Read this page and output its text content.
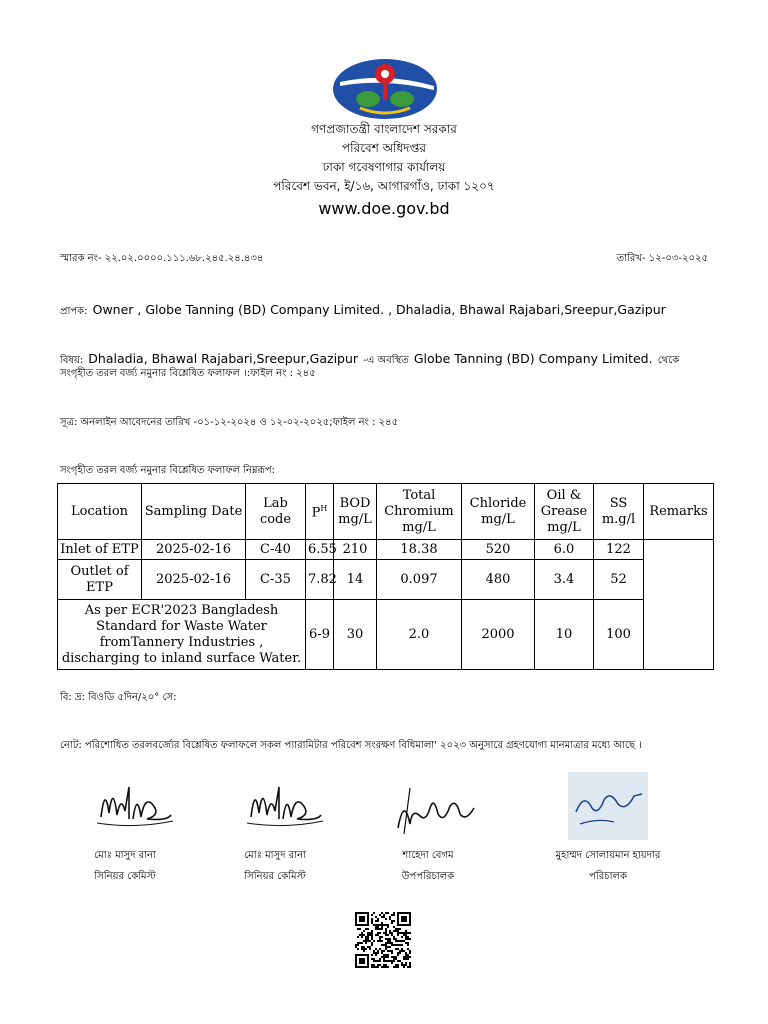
গণপ্রজাতন্ত্রী বাংলাদেশ সরকার
পরিবেশ অধিদপ্তর
ঢাকা গবেষণাগার কার্যালয়
পরিবেশ ভবন, ই/১৬, আগারগাঁও, ঢাকা ১২০৭
www.doe.gov.bd
স্মারক নং- ২২.০২.০০০০.১১১.৬৮.২৪৫.২৪.৪৩৪	তারিখ- ১২-০৩-২০২৫
প্রাপক: Owner , Globe Tanning (BD) Company Limited. , Dhaladia, Bhawal Rajabari,Sreepur,Gazipur
বিষয়: Dhaladia, Bhawal Rajabari,Sreepur,Gazipur -এ অবস্থিত Globe Tanning (BD) Company Limited. থেকে
সংগৃহীত তরল বর্জ্য নমুনার বিশ্লেষিত ফলাফল ।:ফাইল নং : ২৪৫
সূত্র: অনলাইন আবেদনের তারিখ -০১-১২-২০২৪ ও ১২-০২-২০২৫;ফাইল নং : ২৪৫
সংগৃহীত তরল বর্জ্য নমুনার বিশ্লেষিত ফলাফল নিম্নরূপ:
Location	Sampling Date	Lab code	$P^H$	BOD mg/L	Total Chromium mg/L	Chloride mg/L	Oil & Grease mg/L	SS m.g/l	Remarks
Inlet of ETP	2025-02-16	C-40	6.55	210	18.38	520	6.0	122	
Outlet of ETP	2025-02-16	C-35	7.82	14	0.097	480	3.4	52	
As per ECR'2023 Bangladesh Standard for Waste Water fromTannery Industries , discharging to inland surface Water.			6-9	30	2.0	2000	10	100	
বি: দ্র: বিওডি ৫দিন/২০° সে:
নোট: পরিশোধিত তরলবর্জ্যের বিশ্লেষিত ফলাফলে সকল প্যারামিটার পরিবেশ সংরক্ষণ বিধিমালা' ২০২৩ অনুসারে গ্রহণযোগ্য মানমাত্রার মধ্যে আছে ।
মোঃ মাসুদ রানা
সিনিয়র কেমিস্ট
মোঃ মাসুদ রানা
সিনিয়র কেমিস্ট
শাহেদা বেগম
উপপরিচালক
মুহাম্মদ সোলায়মান হায়দার
পরিচালক
